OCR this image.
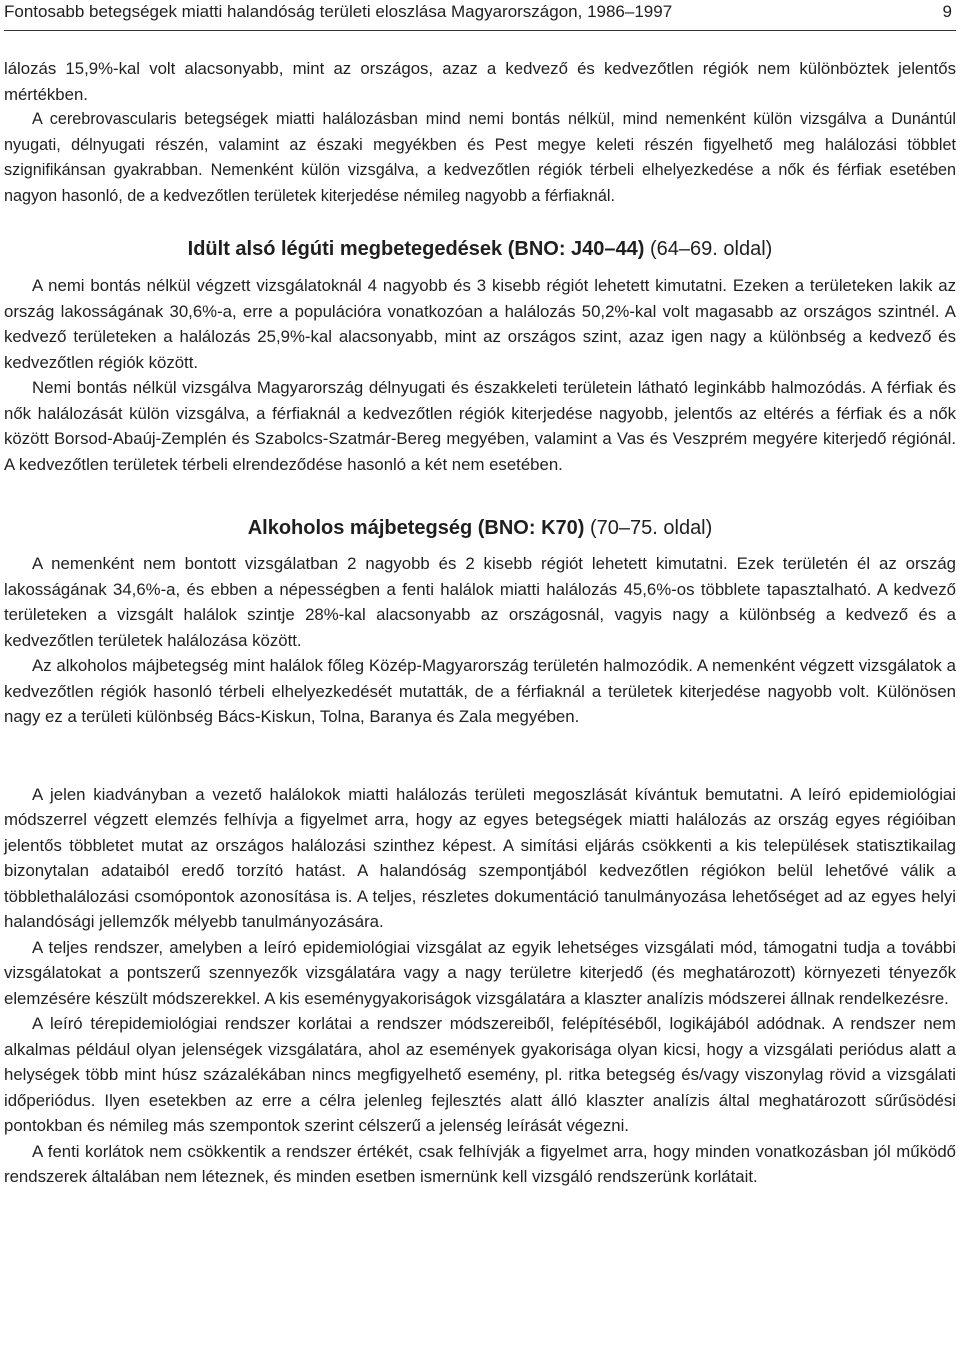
Fontosabb betegségek miatti halandóság területi eloszlása Magyarországon, 1986–1997	9

lálozás 15,9%-kal volt alacsonyabb, mint az országos, azaz a kedvező és kedvezőtlen régiók nem különböztek jelentős mértékben.

A cerebrovascularis betegségek miatti halálozásban mind nemi bontás nélkül, mind nemenként külön vizsgálva a Dunántúl nyugati, délnyugati részén, valamint az északi megyékben és Pest megye keleti részén figyelhető meg halálozási többlet szignifikánsan gyakrabban. Nemenként külön vizsgálva, a kedvezőtlen régiók térbeli elhelyezkedése a nők és férfiak esetében nagyon hasonló, de a kedvezőtlen területek kiterjedése némileg nagyobb a férfiaknál.

Idült alsó légúti megbetegedések (BNO: J40–44) (64–69. oldal)

A nemi bontás nélkül végzett vizsgálatoknál 4 nagyobb és 3 kisebb régiót lehetett kimutatni. Ezeken a területeken lakik az ország lakosságának 30,6%-a, erre a populációra vonatkozóan a halálozás 50,2%-kal volt magasabb az országos szintnél. A kedvező területeken a halálozás 25,9%-kal alacsonyabb, mint az országos szint, azaz igen nagy a különbség a kedvező és kedvezőtlen régiók között.

Nemi bontás nélkül vizsgálva Magyarország délnyugati és északkeleti területein látható leginkább halmozódás. A férfiak és nők halálozását külön vizsgálva, a férfiaknál a kedvezőtlen régiók kiterjedése nagyobb, jelentős az eltérés a férfiak és a nők között Borsod-Abaúj-Zemplén és Szabolcs-Szatmár-Bereg megyében, valamint a Vas és Veszprém megyére kiterjedő régiónál. A kedvezőtlen területek térbeli elrendeződése hasonló a két nem esetében.

Alkoholos májbetegség (BNO: K70) (70–75. oldal)

A nemenként nem bontott vizsgálatban 2 nagyobb és 2 kisebb régiót lehetett kimutatni. Ezek területén él az ország lakosságának 34,6%-a, és ebben a népességben a fenti halálok miatti halálozás 45,6%-os többlete tapasztalható. A kedvező területeken a vizsgált halálok szintje 28%-kal alacsonyabb az országosnál, vagyis nagy a különbség a kedvező és a kedvezőtlen területek halálozása között.

Az alkoholos májbetegség mint halálok főleg Közép-Magyarország területén halmozódik. A nemenként végzett vizsgálatok a kedvezőtlen régiók hasonló térbeli elhelyezkedését mutatták, de a férfiaknál a területek kiterjedése nagyobb volt. Különösen nagy ez a területi különbség Bács-Kiskun, Tolna, Baranya és Zala megyében.

A jelen kiadványban a vezető halálokok miatti halálozás területi megoszlását kívántuk bemutatni. A leíró epidemiológiai módszerrel végzett elemzés felhívja a figyelmet arra, hogy az egyes betegségek miatti halálozás az ország egyes régióiban jelentős többletet mutat az országos halálozási szinthez képest. A simítási eljárás csökkenti a kis települések statisztikailag bizonytalan adataiból eredő torzító hatást. A halandóság szempontjából kedvezőtlen régiókon belül lehetővé válik a többlethalálozási csomópontok azonosítása is. A teljes, részletes dokumentáció tanulmányozása lehetőséget ad az egyes helyi halandósági jellemzők mélyebb tanulmányozására.

A teljes rendszer, amelyben a leíró epidemiológiai vizsgálat az egyik lehetséges vizsgálati mód, támogatni tudja a további vizsgálatokat a pontszerű szennyezők vizsgálatára vagy a nagy területre kiterjedő (és meghatározott) környezeti tényezők elemzésére készült módszerekkel. A kis eseménygyakoriságok vizsgálatára a klaszter analízis módszerei állnak rendelkezésre.

A leíró térepidemiológiai rendszer korlátai a rendszer módszereiből, felépítéséből, logikájából adódnak. A rendszer nem alkalmas például olyan jelenségek vizsgálatára, ahol az események gyakorisága olyan kicsi, hogy a vizsgálati periódus alatt a helységek több mint húsz százalékában nincs megfigyelhető esemény, pl. ritka betegség és/vagy viszonylag rövid a vizsgálati időperiódus. Ilyen esetekben az erre a célra jelenleg fejlesztés alatt álló klaszter analízis által meghatározott sűrűsödési pontokban és némileg más szempontok szerint célszerű a jelenség leírását végezni.

A fenti korlátok nem csökkentik a rendszer értékét, csak felhívják a figyelmet arra, hogy minden vonatkozásban jól működő rendszerek általában nem léteznek, és minden esetben ismernünk kell vizsgáló rendszerünk korlátait.
